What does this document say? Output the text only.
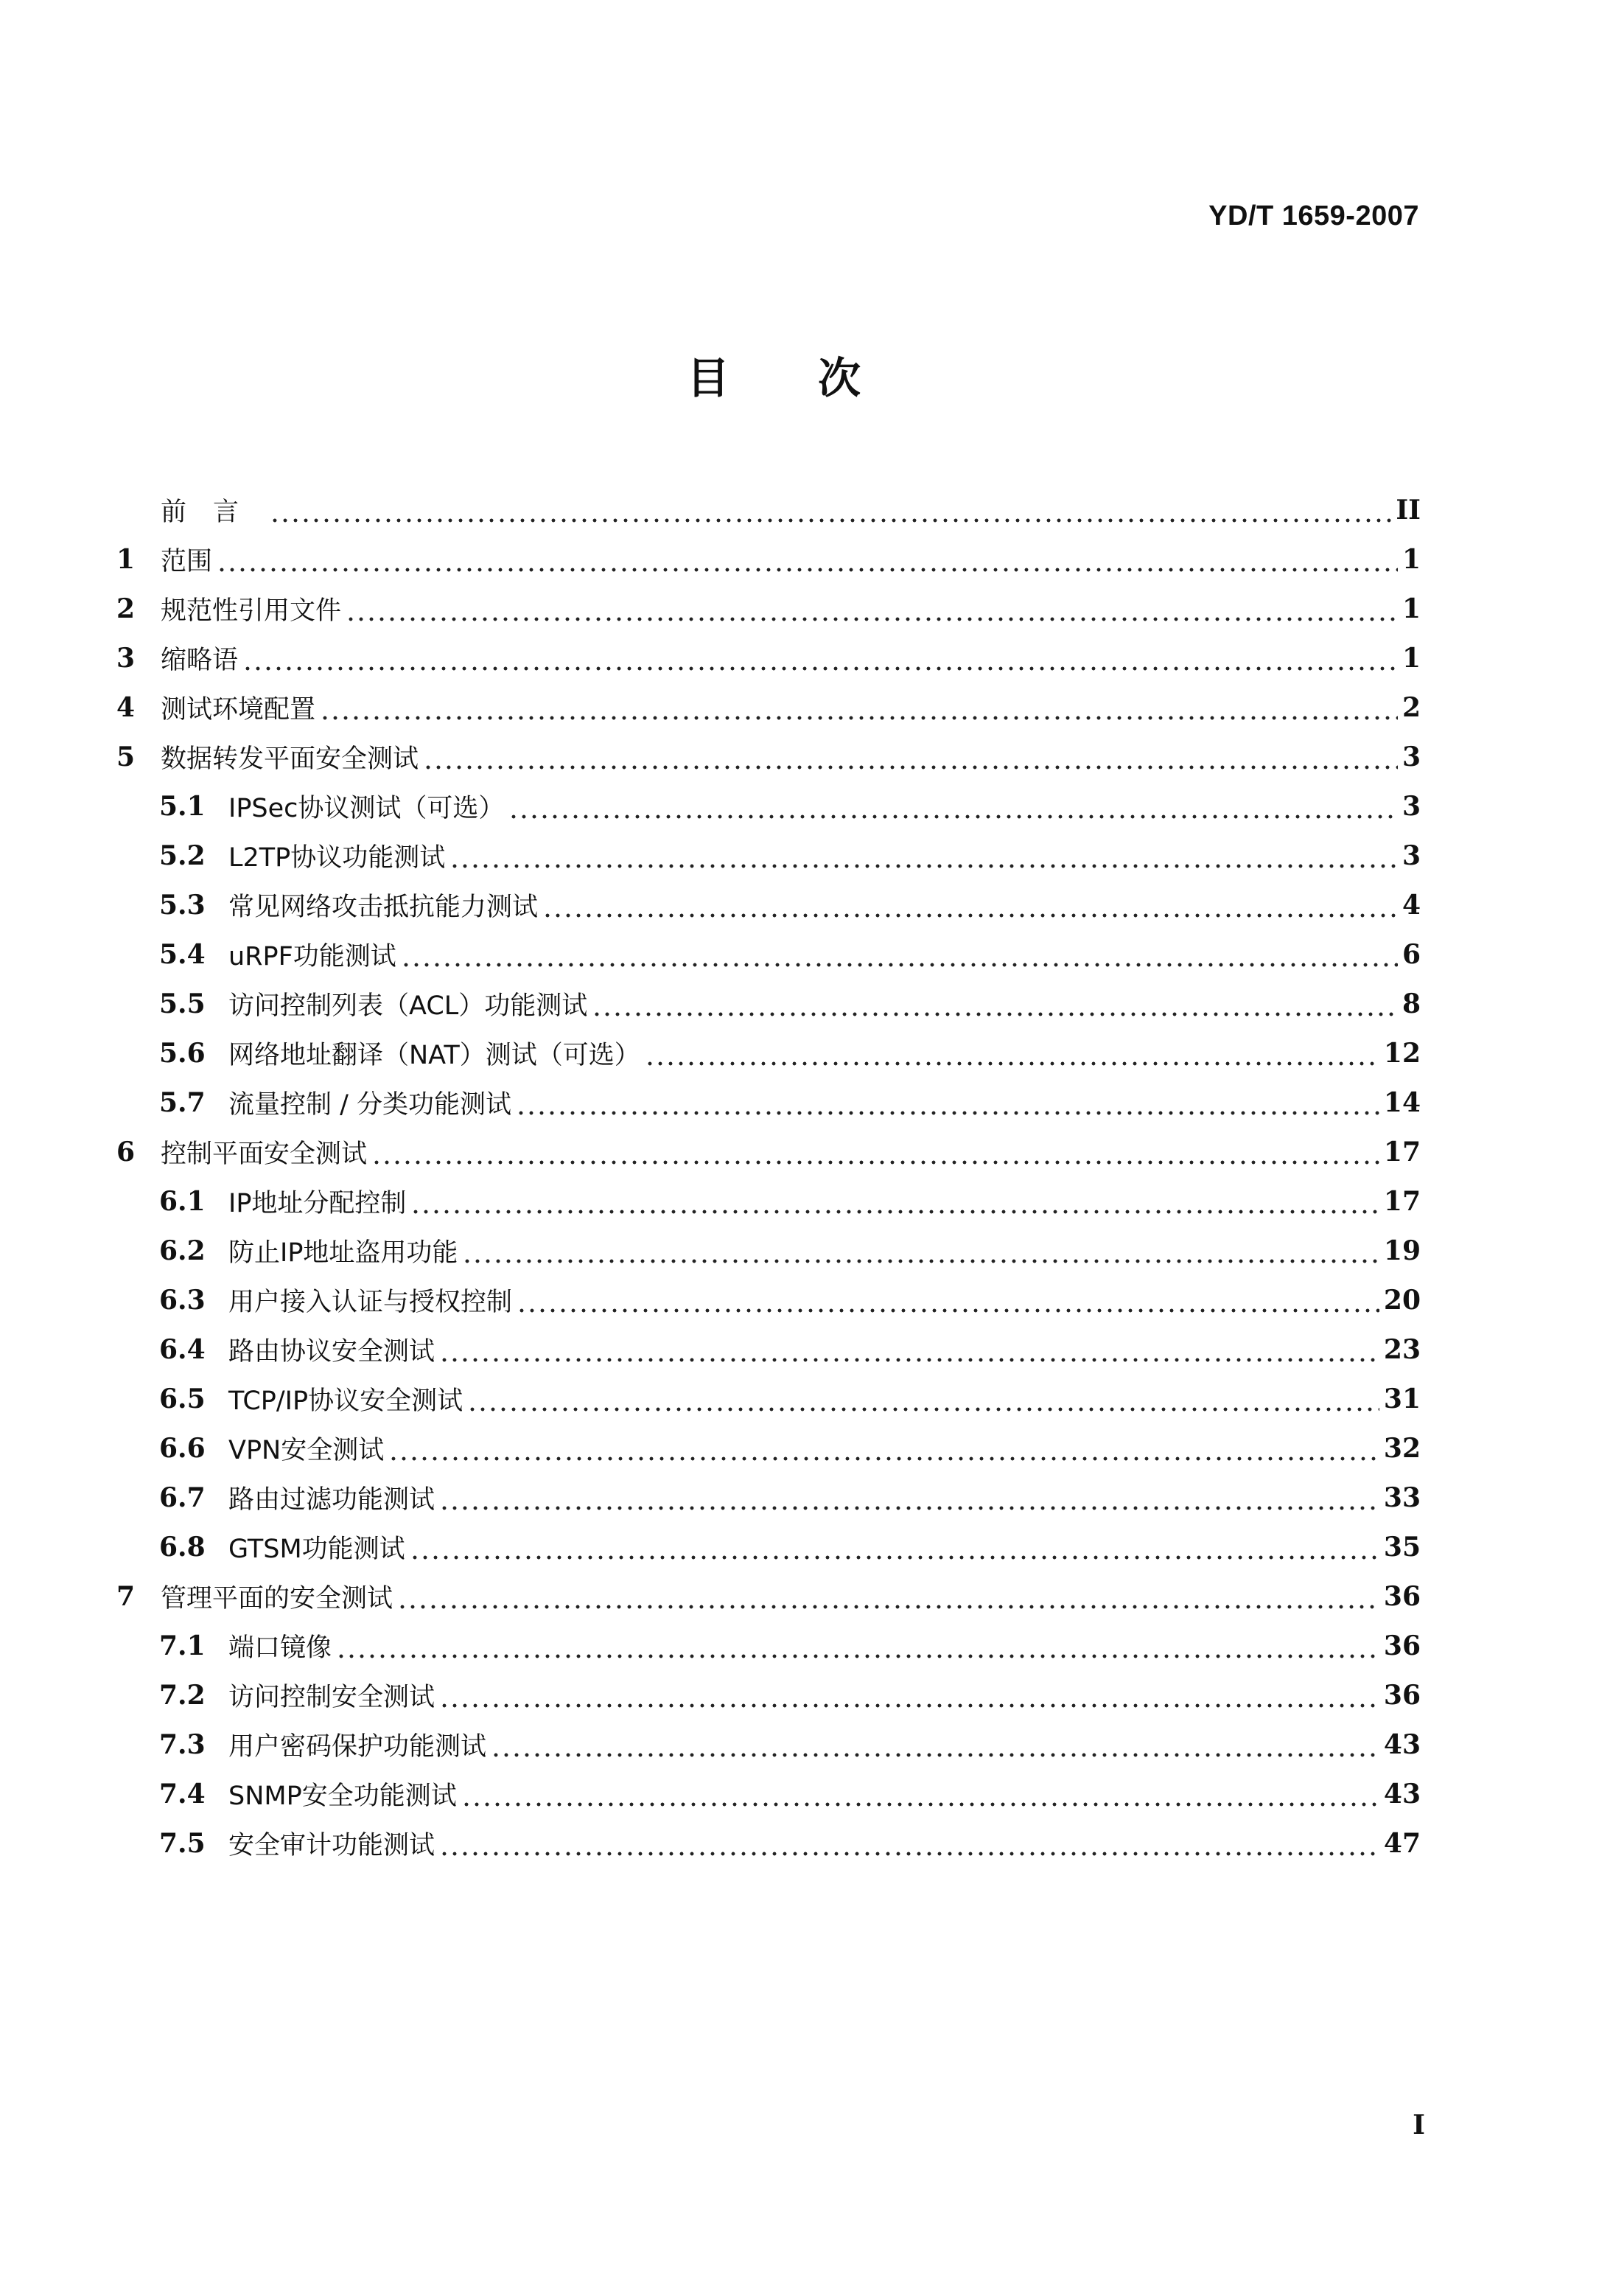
YD/T 1659-2007
目次
前言	II
1 范围	1
2 规范性引用文件	1
3 缩略语	1
4 测试环境配置	2
5 数据转发平面安全测试	3
5.1 IPSec协议测试（可选）	3
5.2 L2TP协议功能测试	3
5.3 常见网络攻击抵抗能力测试	4
5.4 uRPF功能测试	6
5.5 访问控制列表（ACL）功能测试	8
5.6 网络地址翻译（NAT）测试（可选）	12
5.7 流量控制 / 分类功能测试	14
6 控制平面安全测试	17
6.1 IP地址分配控制	17
6.2 防止IP地址盗用功能	19
6.3 用户接入认证与授权控制	20
6.4 路由协议安全测试	23
6.5 TCP/IP协议安全测试	31
6.6 VPN安全测试	32
6.7 路由过滤功能测试	33
6.8 GTSM功能测试	35
7 管理平面的安全测试	36
7.1 端口镜像	36
7.2 访问控制安全测试	36
7.3 用户密码保护功能测试	43
7.4 SNMP安全功能测试	43
7.5 安全审计功能测试	47
I
